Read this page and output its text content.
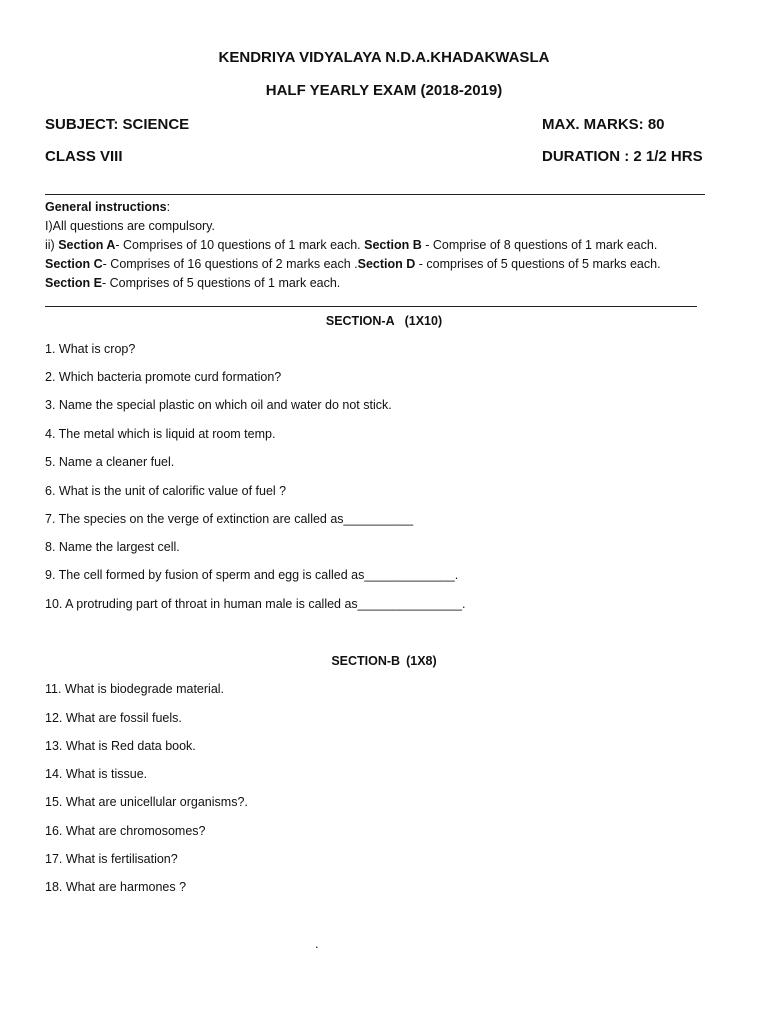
KENDRIYA VIDYALAYA N.D.A.KHADAKWASLA
HALF YEARLY EXAM (2018-2019)
SUBJECT: SCIENCE	MAX. MARKS: 80
CLASS VIII	DURATION : 2 1/2 HRS
General instructions:
I)All questions are compulsory.
ii) Section A- Comprises of 10 questions of 1 mark each. Section B - Comprise of 8 questions of 1 mark each.
Section C- Comprises of 16 questions of 2 marks each .Section D - comprises of 5 questions of 5 marks each.
Section E- Comprises of 5 questions of 1 mark each.
SECTION-A (1X10)
1. What is crop?
2. Which bacteria promote curd formation?
3. Name the special plastic on which oil and water do not stick.
4. The metal which is liquid at room temp.
5. Name a cleaner fuel.
6. What is the unit of calorific value of fuel ?
7. The species on the verge of extinction are called as__________
8. Name the largest cell.
9. The cell formed by fusion of sperm and egg is called as_____________.
10. A protruding part of throat in human male is called as_______________.
SECTION-B (1X8)
11. What is biodegrade material.
12. What are fossil fuels.
13. What is Red data book.
14. What is tissue.
15. What are unicellular organisms?.
16. What are chromosomes?
17. What is fertilisation?
18. What are harmones ?
.
